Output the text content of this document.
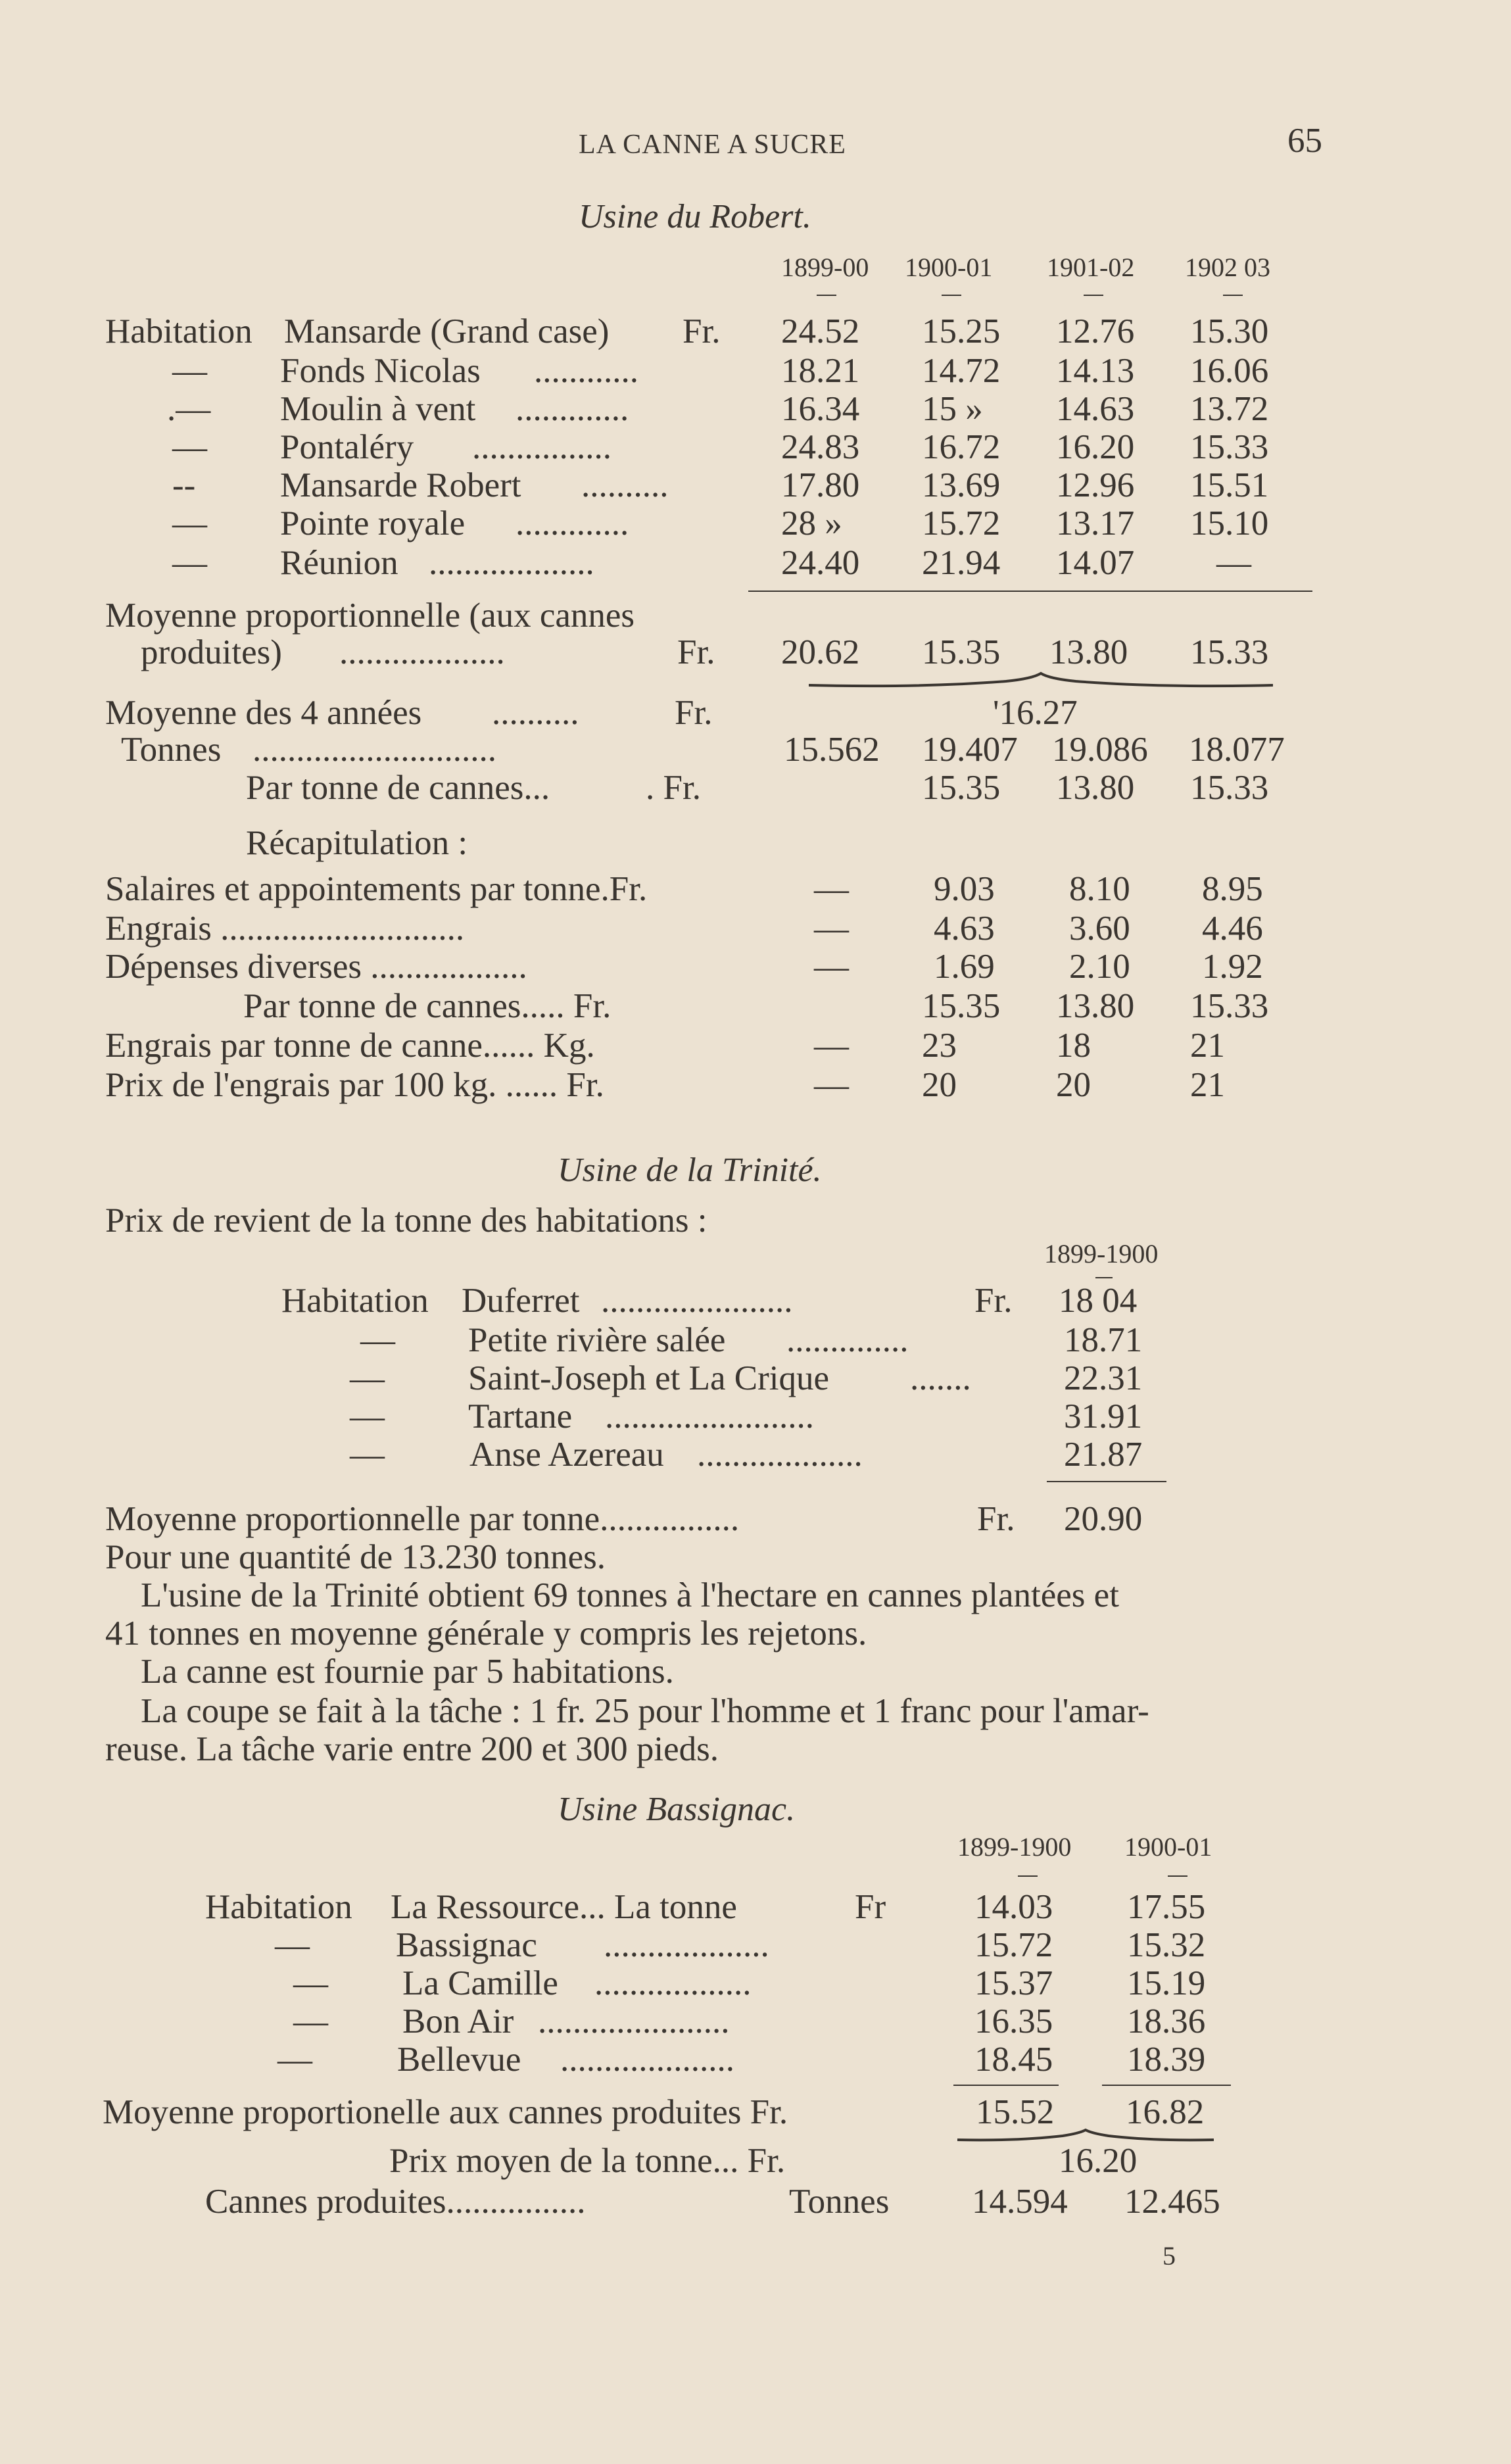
LA CANNE A SUCRE	65
Usine du Robert.
1899-00 1900-01 1901-02 1902 03
Habitation Mansarde (Grand case) Fr. 24.52 15.25 12.76 15.30
— Fonds Nicolas ............	18.21 14.72 14.13 16.06
.— Moulin à vent .............	16.34 15 » 14.63 13.72
— Pontaléry ................	24.83 16.72 16.20 15.33
-- Mansarde Robert ..........	17.80 13.69 12.96 15.51
— Pointe royale .............	28 » 15.72 13.17 15.10
— Réunion ...................	24.40 21.94 14.07 —
Moyenne proportionnelle (aux cannes
produites) ...................	Fr. 20.62 15.35 13.80 15.33
Moyenne des 4 années ..........	Fr.	'16.27
Tonnes ............................	15.562 19.407 19.086 18.077
Par tonne de cannes...	. Fr.	15.35 13.80 15.33
Récapitulation :
Salaires et appointements par tonne.Fr.	— 9.03 8.10 8.95
Engrais ............................	— 4.63 3.60 4.46
Dépenses diverses ..................	— 1.69 2.10 1.92
Par tonne de cannes..... Fr.	15.35 13.80 15.33
Engrais par tonne de canne...... Kg.	— 23	18	21
Prix de l'engrais par 100 kg. ...... Fr.	— 20	20	21
Usine de la Trinité.
Prix de revient de la tonne des habitations :
1899-1900
Habitation Duferret ......................	Fr. 18 04
— Petite rivière salée ..............	18.71
— Saint-Joseph et La Crique .......	22.31
— Tartane ........................	31.91
— Anse Azereau ...................	21.87
Moyenne proportionnelle par tonne................	Fr. 20.90
Pour une quantité de 13.230 tonnes.
L'usine de la Trinité obtient 69 tonnes à l'hectare en cannes plantées et
41 tonnes en moyenne générale y compris les rejetons.
La canne est fournie par 5 habitations.
La coupe se fait à la tâche : 1 fr. 25 pour l'homme et 1 franc pour l'amar-
reuse. La tâche varie entre 200 et 300 pieds.
Usine Bassignac.
1899-1900 1900-01
Habitation La Ressource... La tonne	Fr	14.03 17.55
— Bassignac ...................	15.72 15.32
— La Camille ..................	15.37 15.19
— Bon Air ......................	16.35 18.36
— Bellevue ....................	18.45 18.39
Moyenne proportionelle aux cannes produites Fr.	15.52 16.82
Prix moyen de la tonne... Fr.	16.20
Cannes produites................	Tonnes 14.594 12.465
5
